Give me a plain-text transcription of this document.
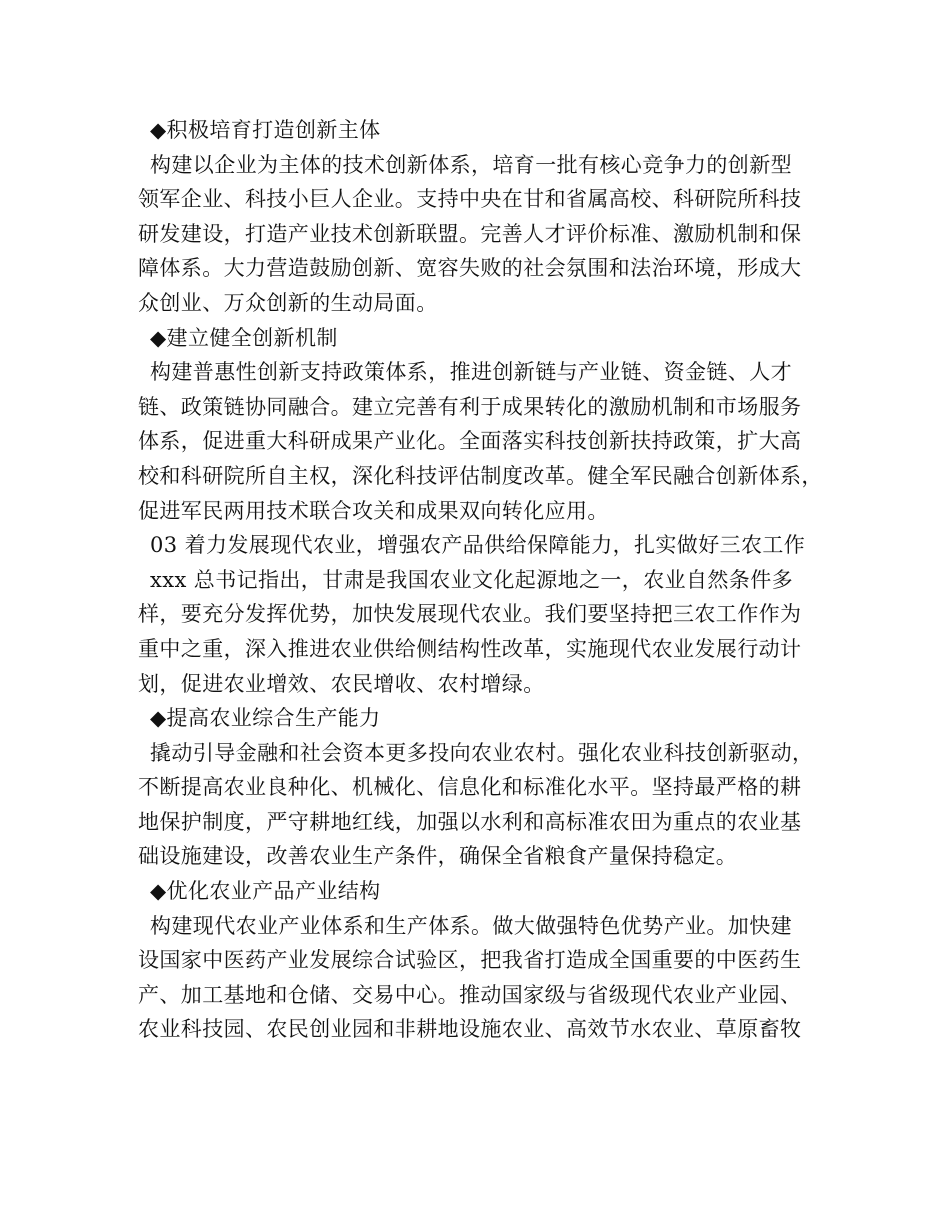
◆积极培育打造创新主体
构建以企业为主体的技术创新体系，培育一批有核心竞争力的创新型
领军企业、科技小巨人企业。支持中央在甘和省属高校、科研院所科技
研发建设，打造产业技术创新联盟。完善人才评价标准、激励机制和保
障体系。大力营造鼓励创新、宽容失败的社会氛围和法治环境，形成大
众创业、万众创新的生动局面。
◆建立健全创新机制
构建普惠性创新支持政策体系，推进创新链与产业链、资金链、人才
链、政策链协同融合。建立完善有利于成果转化的激励机制和市场服务
体系，促进重大科研成果产业化。全面落实科技创新扶持政策，扩大高
校和科研院所自主权，深化科技评估制度改革。健全军民融合创新体系，
促进军民两用技术联合攻关和成果双向转化应用。
03 着力发展现代农业，增强农产品供给保障能力，扎实做好三农工作
xxx 总书记指出，甘肃是我国农业文化起源地之一，农业自然条件多
样，要充分发挥优势，加快发展现代农业。我们要坚持把三农工作作为
重中之重，深入推进农业供给侧结构性改革，实施现代农业发展行动计
划，促进农业增效、农民增收、农村增绿。
◆提高农业综合生产能力
撬动引导金融和社会资本更多投向农业农村。强化农业科技创新驱动，
不断提高农业良种化、机械化、信息化和标准化水平。坚持最严格的耕
地保护制度，严守耕地红线，加强以水利和高标准农田为重点的农业基
础设施建设，改善农业生产条件，确保全省粮食产量保持稳定。
◆优化农业产品产业结构
构建现代农业产业体系和生产体系。做大做强特色优势产业。加快建
设国家中医药产业发展综合试验区，把我省打造成全国重要的中医药生
产、加工基地和仓储、交易中心。推动国家级与省级现代农业产业园、
农业科技园、农民创业园和非耕地设施农业、高效节水农业、草原畜牧
